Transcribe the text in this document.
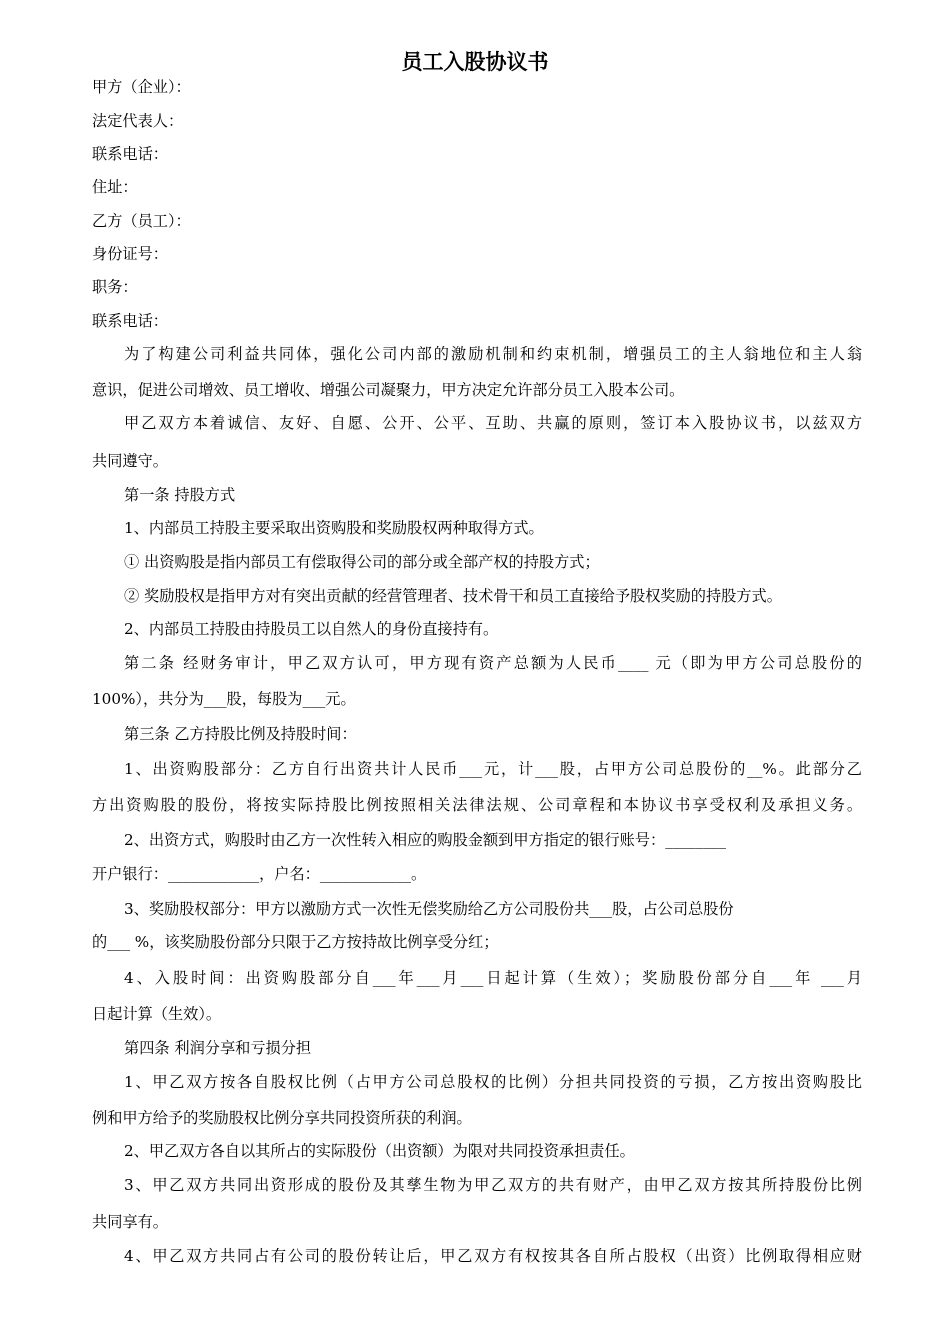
员工入股协议书
甲方（企业）：
法定代表人：
联系电话：
住址：
乙方（员工）：
身份证号：
职务：
联系电话：
为了构建公司利益共同体，强化公司内部的激励机制和约束机制，增强员工的主人翁地位和主人翁
意识，促进公司增效、员工增收、增强公司凝聚力，甲方决定允许部分员工入股本公司。
甲乙双方本着诚信、友好、自愿、公开、公平、互助、共赢的原则，签订本入股协议书，以兹双方
共同遵守。
第一条 持股方式
1、内部员工持股主要采取出资购股和奖励股权两种取得方式。
① 出资购股是指内部员工有偿取得公司的部分或全部产权的持股方式；
② 奖励股权是指甲方对有突出贡献的经营管理者、技术骨干和员工直接给予股权奖励的持股方式。
2、内部员工持股由持股员工以自然人的身份直接持有。
第二条 经财务审计，甲乙双方认可，甲方现有资产总额为人民币____ 元（即为甲方公司总股份的
100%），共分为___股，每股为___元。
第三条 乙方持股比例及持股时间：
1、出资购股部分：乙方自行出资共计人民币___元，计___股，占甲方公司总股份的__%。此部分乙
方出资购股的股份，将按实际持股比例按照相关法律法规、公司章程和本协议书享受权利及承担义务。
2、出资方式，购股时由乙方一次性转入相应的购股金额到甲方指定的银行账号：________
开户银行：____________，户名：____________。
3、奖励股权部分：甲方以激励方式一次性无偿奖励给乙方公司股份共___股，占公司总股份
的___ %，该奖励股份部分只限于乙方按持故比例享受分红；
4、入股时间：出资购股部分自___年___月___日起计算（生效）；奖励股份部分自___年 ___月
日起计算（生效）。
第四条 利润分享和亏损分担
1、甲乙双方按各自股权比例（占甲方公司总股权的比例）分担共同投资的亏损，乙方按出资购股比
例和甲方给予的奖励股权比例分享共同投资所获的利润。
2、甲乙双方各自以其所占的实际股份（出资额）为限对共同投资承担责任。
3、甲乙双方共同出资形成的股份及其孳生物为甲乙双方的共有财产，由甲乙双方按其所持股份比例
共同享有。
4、甲乙双方共同占有公司的股份转让后，甲乙双方有权按其各自所占股权（出资）比例取得相应财
